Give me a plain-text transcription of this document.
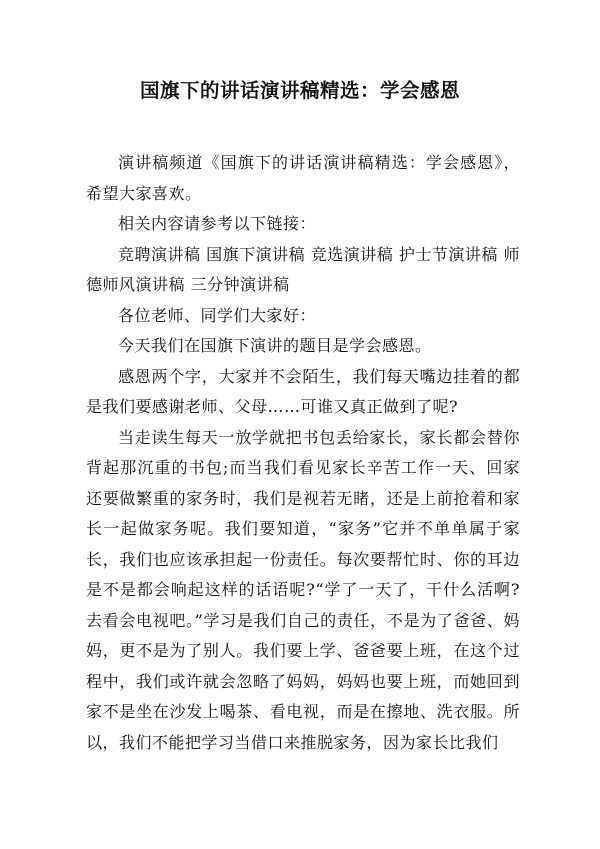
国旗下的讲话演讲稿精选：学会感恩

演讲稿频道《国旗下的讲话演讲稿精选：学会感恩》，希望大家喜欢。

相关内容请参考以下链接：

竞聘演讲稿 国旗下演讲稿 竞选演讲稿 护士节演讲稿 师德师风演讲稿 三分钟演讲稿

各位老师、同学们大家好：

今天我们在国旗下演讲的题目是学会感恩。

感恩两个字，大家并不会陌生，我们每天嘴边挂着的都是我们要感谢老师、父母……可谁又真正做到了呢?

当走读生每天一放学就把书包丢给家长，家长都会替你背起那沉重的书包;而当我们看见家长辛苦工作一天、回家还要做繁重的家务时，我们是视若无睹，还是上前抢着和家长一起做家务呢。我们要知道，“家务”它并不单单属于家长，我们也应该承担起一份责任。每次要帮忙时、你的耳边是不是都会响起这样的话语呢?“学了一天了，干什么活啊?去看会电视吧。”学习是我们自己的责任，不是为了爸爸、妈妈，更不是为了别人。我们要上学、爸爸要上班，在这个过程中，我们或许就会忽略了妈妈，妈妈也要上班，而她回到家不是坐在沙发上喝茶、看电视，而是在擦地、洗衣服。所以，我们不能把学习当借口来推脱家务，因为家长比我们
